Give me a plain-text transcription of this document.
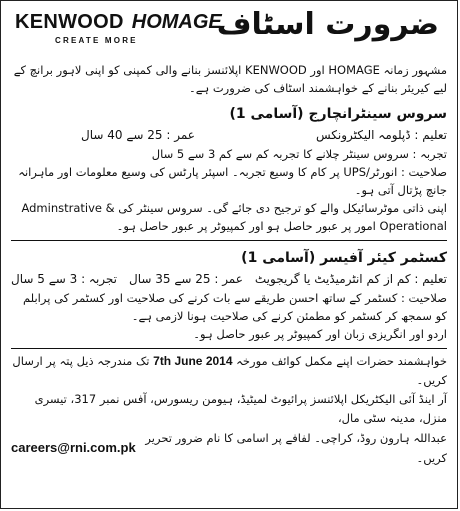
KENWOOD HOMAGE
CREATE MORE	ضرورت اسٹاف

مشہور زمانہ HOMAGE اور KENWOOD اپلائنسز بنانے والی کمپنی کو اپنی لاہور برانچ کے لیے کیریئر بنانے کے خواہشمند اسٹاف کی ضرورت ہے۔

سروس سینٹرانچارج (آسامی 1)
تعلیم : ڈپلومہ الیکٹرونکس
عمر : 25 سے 40 سال

تجربہ : سروس سینٹر چلانے کا تجربہ کم سے کم 3 سے 5 سال

صلاحیت : انورٹر/UPS پر کام کا وسیع تجربہ۔ اسپئر پارٹس کی وسیع معلومات اور ماہرانہ جانچ پڑتال آتی ہو۔

اپنی ذاتی موٹرسائیکل والے کو ترجیح دی جائے گی۔ سروس سینٹر کی Adminstrative & Operational امور پر عبور حاصل ہو اور کمپیوٹر پر عبور حاصل ہو۔

کسٹمر کیئر آفیسر (آسامی 1)
تعلیم : کم از کم انٹرمیڈیٹ یا گریجویٹ
عمر : 25 سے 35 سال
تجربہ : 3 سے 5 سال

صلاحیت : کسٹمر کے ساتھ احسن طریقے سے بات کرنے کی صلاحیت اور کسٹمر کی پرابلم کو سمجھ کر کسٹمر کو مطمئن کرنے کی صلاحیت ہونا لازمی ہے۔

اردو اور انگریزی زبان اور کمپیوٹر پر عبور حاصل ہو۔

خواہشمند حضرات اپنے مکمل کوائف مورخہ 7th June 2014 تک مندرجہ ذیل پتہ پر ارسال کریں۔

آر اینڈ آئی الیکٹریکل اپلائنسز پرائیوٹ لمیٹیڈ، ہیومن ریسورس، آفس نمبر 317، تیسری منزل، مدینہ سٹی مال،

عبداللہ ہارون روڈ، کراچی۔ لفافے پر اسامی کا نام ضرور تحریر کریں۔
careers@rni.com.pk
